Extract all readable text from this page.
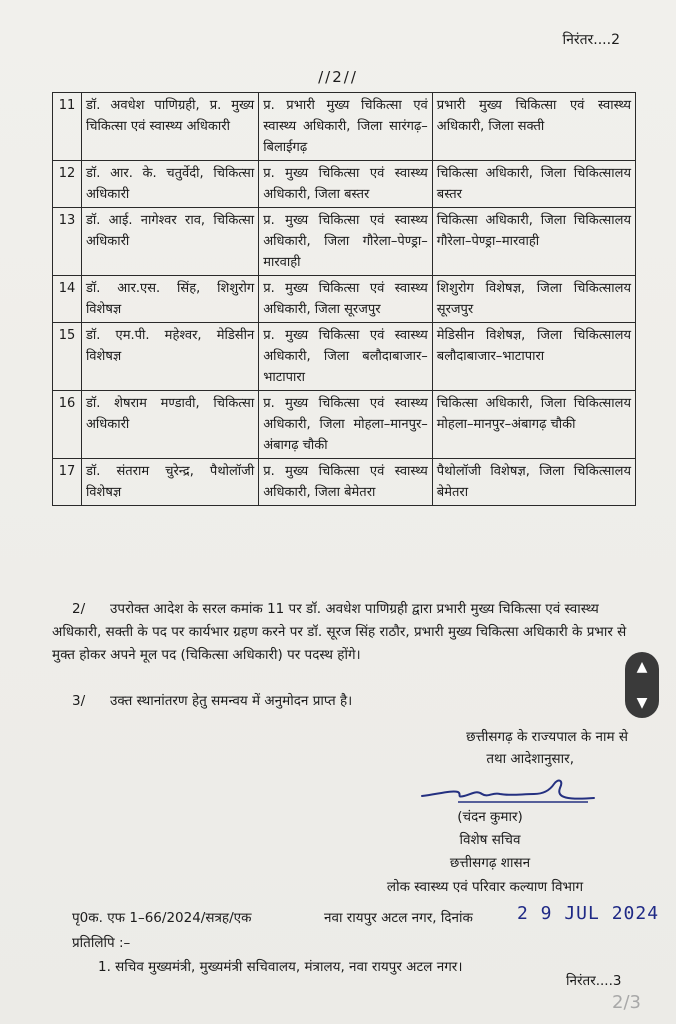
निरंतर....2
//2//
11	डॉ. अवधेश पाणिग्रही, प्र. मुख्य चिकित्सा एवं स्वास्थ्य अधिकारी	प्र. प्रभारी मुख्य चिकित्सा एवं स्वास्थ्य अधिकारी, जिला सारंगढ़– बिलाईगढ़	प्रभारी मुख्य चिकित्सा एवं स्वास्थ्य अधिकारी, जिला सक्ती
12	डॉ. आर. के. चतुर्वेदी, चिकित्सा अधिकारी	प्र. मुख्य चिकित्सा एवं स्वास्थ्य अधिकारी, जिला बस्तर	चिकित्सा अधिकारी, जिला चिकित्सालय बस्तर
13	डॉ. आई. नागेश्वर राव, चिकित्सा अधिकारी	प्र. मुख्य चिकित्सा एवं स्वास्थ्य अधिकारी, जिला गौरेला–पेण्ड्रा–मारवाही	चिकित्सा अधिकारी, जिला चिकित्सालय गौरेला–पेण्ड्रा–मारवाही
14	डॉ. आर.एस. सिंह, शिशुरोग विशेषज्ञ	प्र. मुख्य चिकित्सा एवं स्वास्थ्य अधिकारी, जिला सूरजपुर	शिशुरोग विशेषज्ञ, जिला चिकित्सालय सूरजपुर
15	डॉ. एम.पी. महेश्वर, मेडिसीन विशेषज्ञ	प्र. मुख्य चिकित्सा एवं स्वास्थ्य अधिकारी, जिला बलौदाबाजार–भाटापारा	मेडिसीन विशेषज्ञ, जिला चिकित्सालय बलौदाबाजार–भाटापारा
16	डॉ. शेषराम मण्डावी, चिकित्सा अधिकारी	प्र. मुख्य चिकित्सा एवं स्वास्थ्य अधिकारी, जिला मोहला–मानपुर– अंबागढ़ चौकी	चिकित्सा अधिकारी, जिला चिकित्सालय मोहला–मानपुर–अंबागढ़ चौकी
17	डॉ. संतराम चुरेन्द्र, पैथोलॉजी विशेषज्ञ	प्र. मुख्य चिकित्सा एवं स्वास्थ्य अधिकारी, जिला बेमेतरा	पैथोलॉजी विशेषज्ञ, जिला चिकित्सालय बेमेतरा
2/ उपरोक्त आदेश के सरल कमांक 11 पर डॉ. अवधेश पाणिग्रही द्वारा प्रभारी मुख्य चिकित्सा एवं स्वास्थ्य अधिकारी, सक्ती के पद पर कार्यभार ग्रहण करने पर डॉ. सूरज सिंह राठौर, प्रभारी मुख्य चिकित्सा अधिकारी के प्रभार से मुक्त होकर अपने मूल पद (चिकित्सा अधिकारी) पर पदस्थ होंगे।
3/ उक्त स्थानांतरण हेतु समन्वय में अनुमोदन प्राप्त है।
छत्तीसगढ़ के राज्यपाल के नाम से
तथा आदेशानुसार,
(चंदन कुमार)
विशेष सचिव
छत्तीसगढ़ शासन
लोक स्वास्थ्य एवं परिवार कल्याण विभाग
पृ0क. एफ 1–66/2024/सत्रह/एक	नवा रायपुर अटल नगर, दिनांक 2 9 JUL 2024
प्रतिलिपि :–
1. सचिव मुख्यमंत्री, मुख्यमंत्री सचिवालय, मंत्रालय, नवा रायपुर अटल नगर।
निरंतर....3
2/3
▲
▼
